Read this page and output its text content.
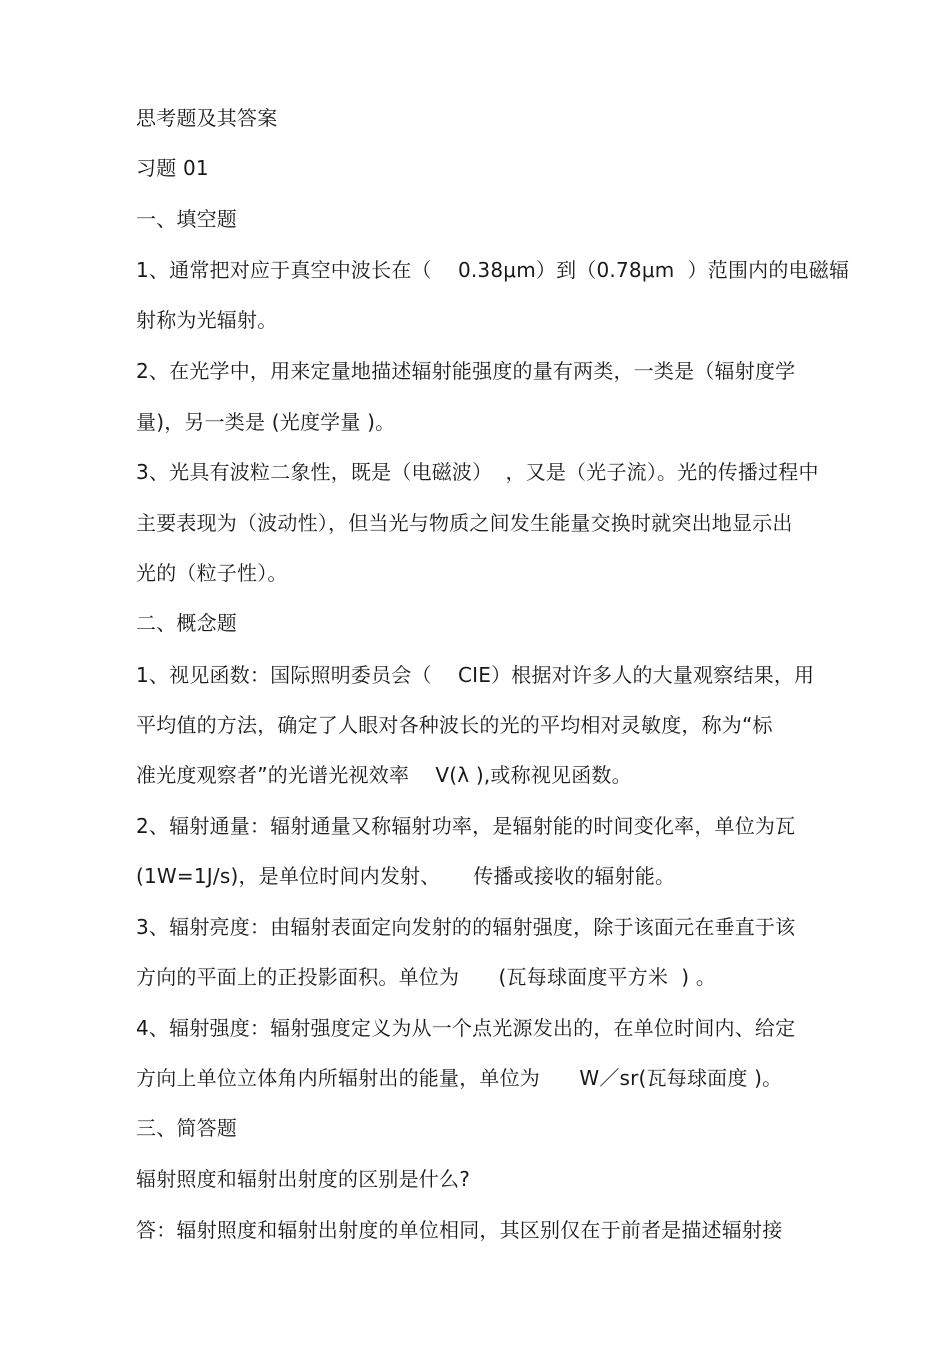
思考题及其答案
习题 01
一、填空题
1、通常把对应于真空中波长在（    0.38μm）到（0.78μm  ）范围内的电磁辐
射称为光辐射。
2、在光学中，用来定量地描述辐射能强度的量有两类，一类是（辐射度学
量)，另一类是 (光度学量 )。
3、光具有波粒二象性，既是（电磁波）  ，又是（光子流）。光的传播过程中
主要表现为（波动性），但当光与物质之间发生能量交换时就突出地显示出
光的（粒子性）。
二、概念题
1、视见函数：国际照明委员会（    CIE）根据对许多人的大量观察结果，用
平均值的方法，确定了人眼对各种波长的光的平均相对灵敏度，称为“标
准光度观察者”的光谱光视效率    V(λ ),或称视见函数。
2、辐射通量：辐射通量又称辐射功率，是辐射能的时间变化率，单位为瓦
(1W=1J/s)，是单位时间内发射、     传播或接收的辐射能。
3、辐射亮度：由辐射表面定向发射的的辐射强度，除于该面元在垂直于该
方向的平面上的正投影面积。单位为      (瓦每球面度平方米  ) 。
4、辐射强度：辐射强度定义为从一个点光源发出的，在单位时间内、给定
方向上单位立体角内所辐射出的能量，单位为      W／sr(瓦每球面度 )。
三、简答题
辐射照度和辐射出射度的区别是什么?
答：辐射照度和辐射出射度的单位相同，其区别仅在于前者是描述辐射接
